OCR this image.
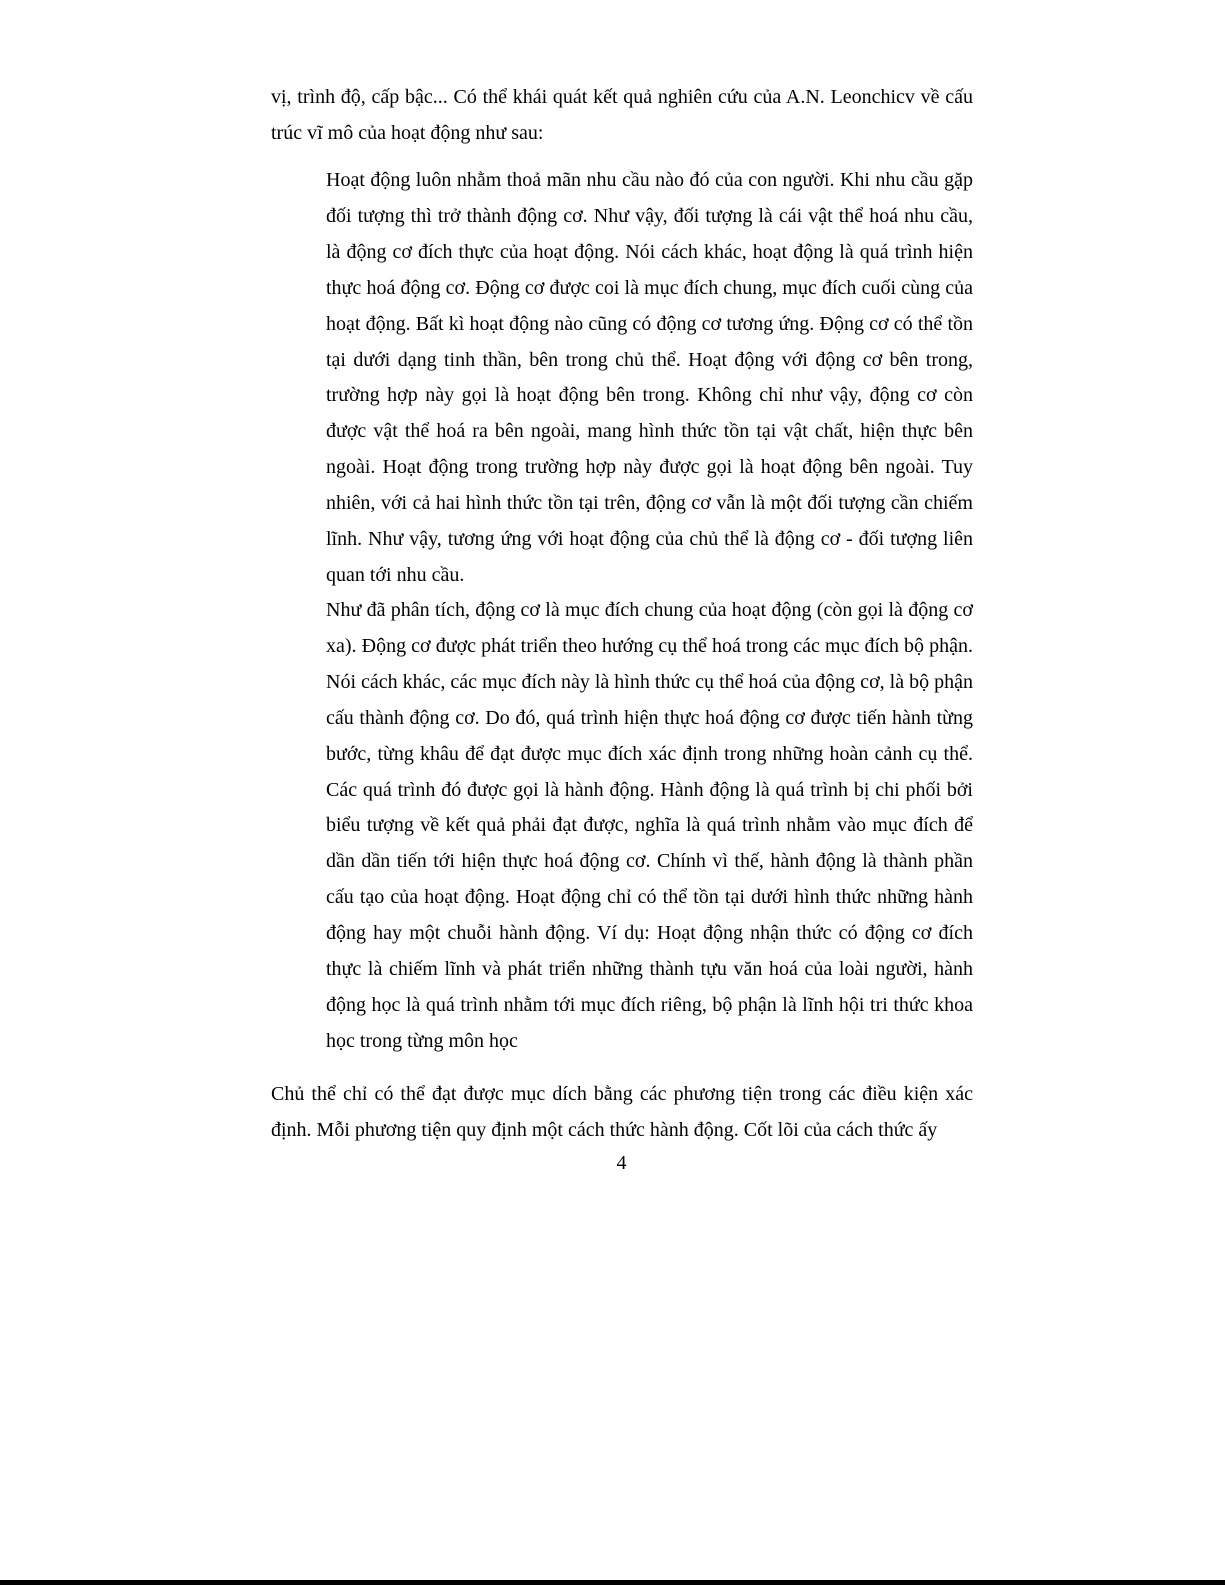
vị, trình độ, cấp bậc... Có thể khái quát kết quả nghiên cứu của A.N. Leonchicv về cấu trúc vĩ mô của hoạt động như sau:

Hoạt động luôn nhằm thoả mãn nhu cầu nào đó của con người. Khi nhu cầu gặp đối tượng thì trở thành động cơ. Như vậy, đối tượng là cái vật thể hoá nhu cầu, là động cơ đích thực của hoạt động. Nói cách khác, hoạt động là quá trình hiện thực hoá động cơ. Động cơ được coi là mục đích chung, mục đích cuối cùng của hoạt động. Bất kì hoạt động nào cũng có động cơ tương ứng. Động cơ có thể tồn tại dưới dạng tinh thần, bên trong chủ thể. Hoạt động với động cơ bên trong, trường hợp này gọi là hoạt động bên trong. Không chỉ như vậy, động cơ còn được vật thể hoá ra bên ngoài, mang hình thức tồn tại vật chất, hiện thực bên ngoài. Hoạt động trong trường hợp này được gọi là hoạt động bên ngoài. Tuy nhiên, với cả hai hình thức tồn tại trên, động cơ vẫn là một đối tượng cần chiếm lĩnh. Như vậy, tương ứng với hoạt động của chủ thể là động cơ - đối tượng liên quan tới nhu cầu.

Như đã phân tích, động cơ là mục đích chung của hoạt động (còn gọi là động cơ xa). Động cơ được phát triển theo hướng cụ thể hoá trong các mục đích bộ phận. Nói cách khác, các mục đích này là hình thức cụ thể hoá của động cơ, là bộ phận cấu thành động cơ. Do đó, quá trình hiện thực hoá động cơ được tiến hành từng bước, từng khâu để đạt được mục đích xác định trong những hoàn cảnh cụ thể. Các quá trình đó được gọi là hành động. Hành động là quá trình bị chi phối bởi biểu tượng về kết quả phải đạt được, nghĩa là quá trình nhằm vào mục đích để dần dần tiến tới hiện thực hoá động cơ. Chính vì thế, hành động là thành phần cấu tạo của hoạt động. Hoạt động chỉ có thể tồn tại dưới hình thức những hành động hay một chuỗi hành động. Ví dụ: Hoạt động nhận thức có động cơ đích thực là chiếm lĩnh và phát triển những thành tựu văn hoá của loài người, hành động học là quá trình nhằm tới mục đích riêng, bộ phận là lĩnh hội tri thức khoa học trong từng môn học

Chủ thể chỉ có thể đạt được mục dích bằng các phương tiện trong các điều kiện xác định. Mỗi phương tiện quy định một cách thức hành động. Cốt lõi của cách thức ấy

4
